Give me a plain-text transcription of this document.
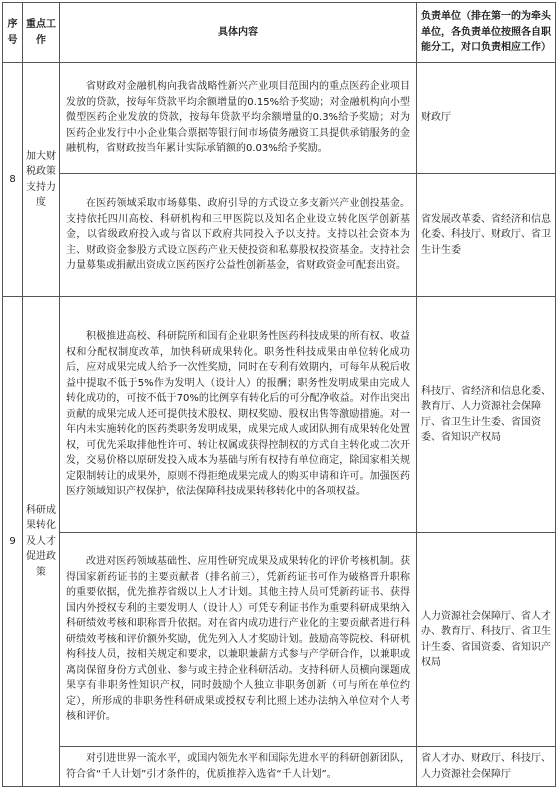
序号	重点工作	具体内容	负责单位（排在第一的为牵头单位，各负责单位按照各自职能分工，对口负责相应工作）
8	加大财税政策支持力度	省财政对金融机构向我省战略性新兴产业项目范围内的重点医药企业项目发放的贷款，按每年贷款平均余额增量的0.15%给予奖励；对金融机构向小型微型医药企业发放的贷款，按每年贷款平均余额增量的0.3%给予奖励；对为医药企业发行中小企业集合票据等银行间市场债务融资工具提供承销服务的金融机构，省财政按当年累计实际承销额的0.03%给予奖励。	财政厅

		在医药领域采取市场募集、政府引导的方式设立多支新兴产业创投基金。支持依托四川高校、科研机构和三甲医院以及知名企业设立转化医学创新基金，以省级政府投入或与省以下政府共同投入予以支持。支持以社会资本为主、财政资金参股方式设立医药产业天使投资和私募股权投资基金。支持社会力量募集或捐献出资成立医药医疗公益性创新基金，省财政资金可配套出资。	省发展改革委、省经济和信息化委、科技厅、财政厅、省卫生计生委
9	科研成果转化及人才促进政策	积极推进高校、科研院所和国有企业职务性医药科技成果的所有权、收益权和分配权制度改革，加快科研成果转化。职务性科技成果由单位转化成功后，应对成果完成人给予一次性奖励，同时在专利有效期内，可每年从税后收益中提取不低于5%作为发明人（设计人）的报酬；职务性发明成果由完成人转化成功的，可按不低于70%的比例享有转化后的可分配净收益。对作出突出贡献的成果完成人还可提供技术股权、期权奖励、股权出售等激励措施。对一年内未实施转化的医药类职务发明成果，成果完成人或团队拥有成果转化处置权，可优先采取排他性许可、转让权属或获得控制权的方式自主转化或二次开发，交易价格以原研发投入成本为基础与所有权持有单位商定，除国家相关规定限制转让的成果外，原则不得拒绝成果完成人的购买申请和许可。加强医药医疗领域知识产权保护，依法保障科技成果转移转化中的各项权益。	科技厅、省经济和信息化委、教育厅、人力资源社会保障厅、省卫生计生委、省国资委、省知识产权局

		改进对医药领域基础性、应用性研究成果及成果转化的评价考核机制。获得国家新药证书的主要贡献者（排名前三），凭新药证书可作为破格晋升职称的重要依据，优先推荐省级以上人才计划。其他主持人员可凭新药证书、获得国内外授权专利的主要发明人（设计人）可凭专利证书作为重要科研成果纳入科研绩效考核和职称晋升依据。对在省内成功进行产业化的主要贡献者进行科研绩效考核和评价额外奖励，优先列入人才奖励计划。鼓励高等院校、科研机构科技人员，按相关规定和要求，以兼职兼薪方式参与产学研合作，以兼职或离岗保留身份方式创业、参与或主持企业科研活动。支持科研人员横向课题成果享有非职务性知识产权，同时鼓励个人独立非职务创新（可与所在单位约定），所形成的非职务性科研成果或授权专利比照上述办法纳入单位对个人考核和评价。	人力资源社会保障厅、省人才办、教育厅、科技厅、省卫生计生委、省国资委、省知识产权局

		对引进世界一流水平，或国内领先水平和国际先进水平的科研创新团队，符合省“千人计划”引才条件的，优质推荐入选省“千人计划”。	省人才办、财政厅、科技厅、人力资源社会保障厅
